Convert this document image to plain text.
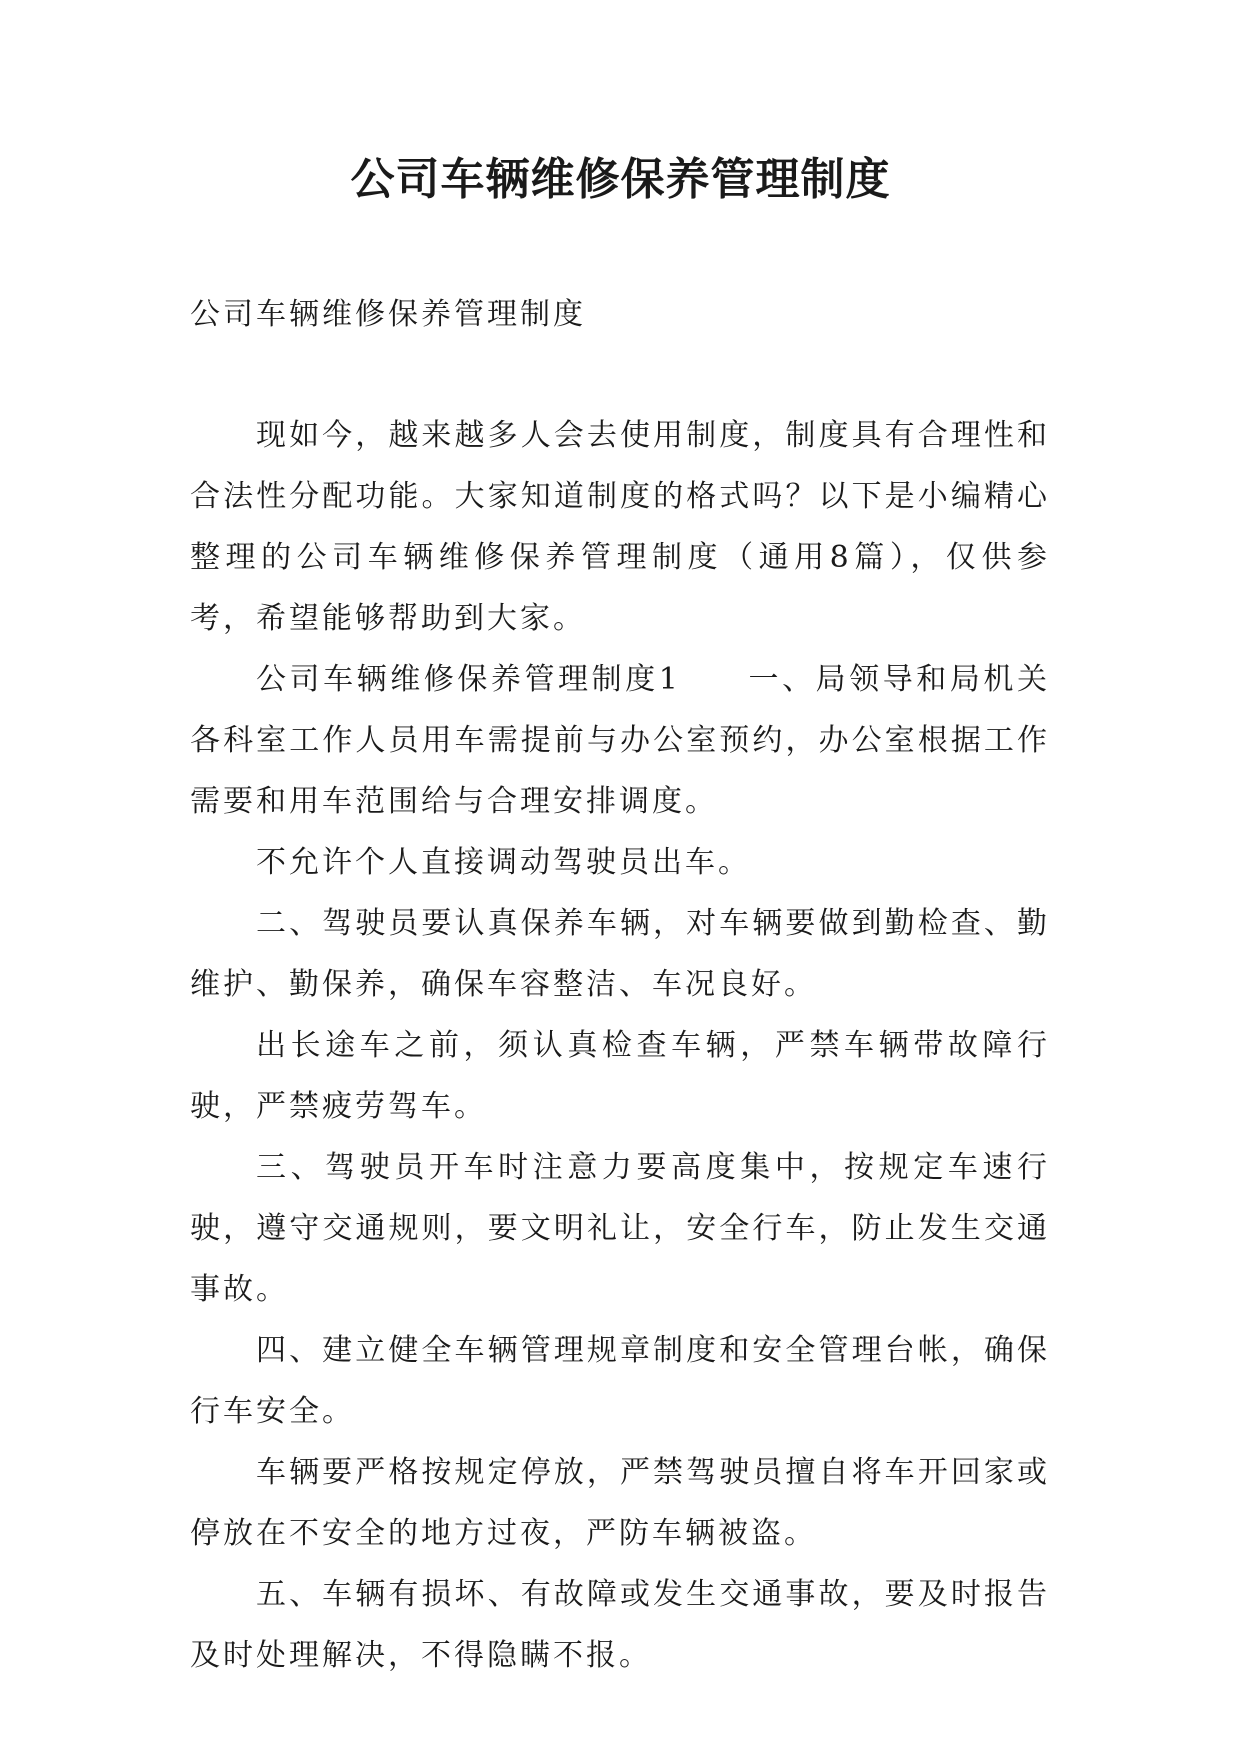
公司车辆维修保养管理制度

公司车辆维修保养管理制度

现如今，越来越多人会去使用制度，制度具有合理性和合法性分配功能。大家知道制度的格式吗？以下是小编精心整理的公司车辆维修保养管理制度（通用8篇），仅供参考，希望能够帮助到大家。

公司车辆维修保养管理制度1　　一、局领导和局机关各科室工作人员用车需提前与办公室预约，办公室根据工作需要和用车范围给与合理安排调度。

不允许个人直接调动驾驶员出车。

二、驾驶员要认真保养车辆，对车辆要做到勤检查、勤维护、勤保养，确保车容整洁、车况良好。

出长途车之前，须认真检查车辆，严禁车辆带故障行驶，严禁疲劳驾车。

三、驾驶员开车时注意力要高度集中，按规定车速行驶，遵守交通规则，要文明礼让，安全行车，防止发生交通事故。

四、建立健全车辆管理规章制度和安全管理台帐，确保行车安全。

车辆要严格按规定停放，严禁驾驶员擅自将车开回家或停放在不安全的地方过夜，严防车辆被盗。

五、车辆有损坏、有故障或发生交通事故，要及时报告及时处理解决，不得隐瞒不报。
